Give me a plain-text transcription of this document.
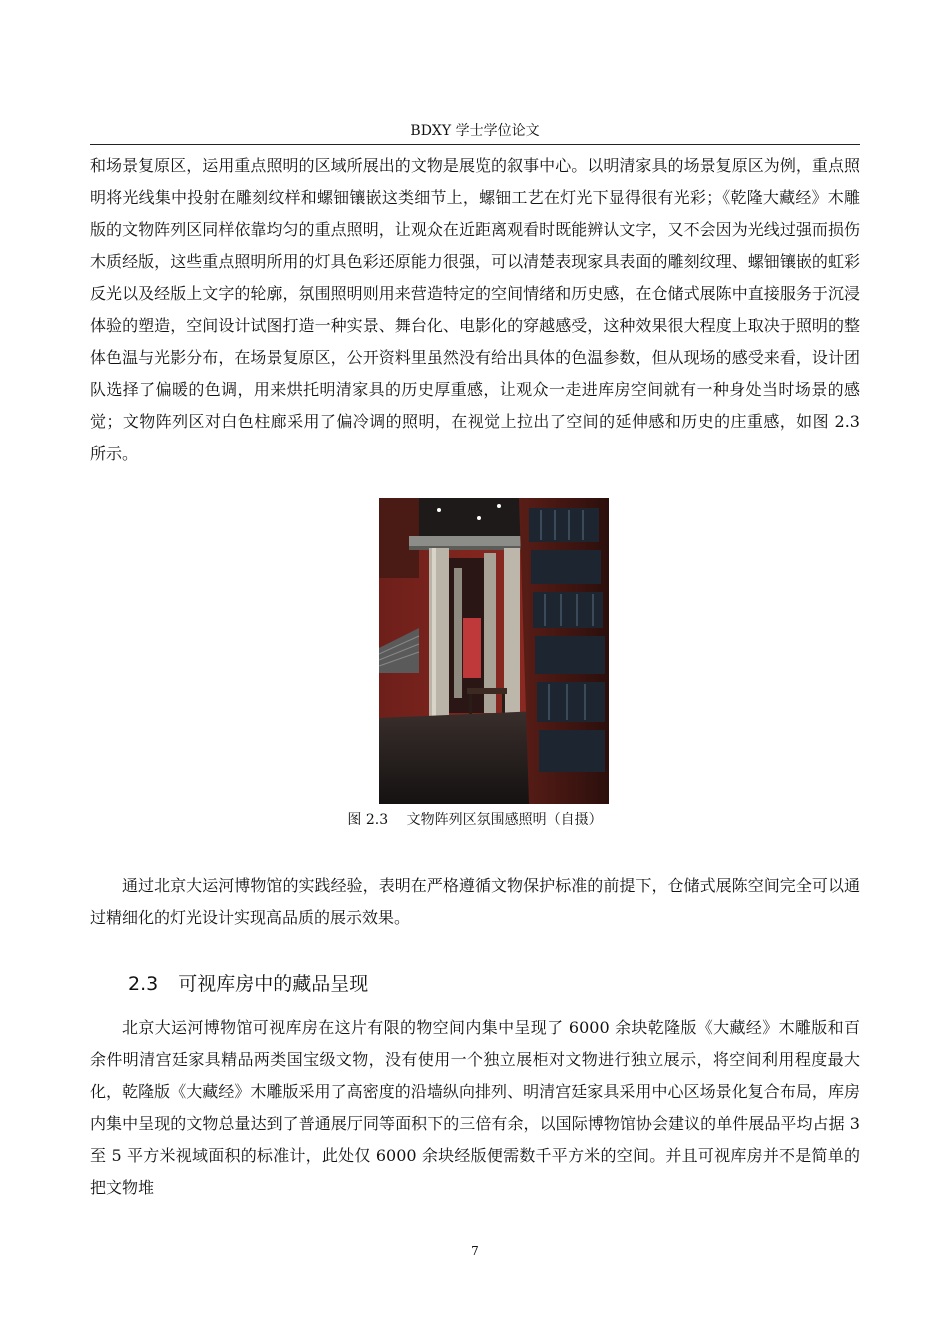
BDXY 学士学位论文

和场景复原区，运用重点照明的区域所展出的文物是展览的叙事中心。以明清家具的场景复原区为例，重点照明将光线集中投射在雕刻纹样和螺钿镶嵌这类细节上，螺钿工艺在灯光下显得很有光彩；《乾隆大藏经》木雕版的文物阵列区同样依靠均匀的重点照明，让观众在近距离观看时既能辨认文字，又不会因为光线过强而损伤木质经版，这些重点照明所用的灯具色彩还原能力很强，可以清楚表现家具表面的雕刻纹理、螺钿镶嵌的虹彩反光以及经版上文字的轮廓，氛围照明则用来营造特定的空间情绪和历史感，在仓储式展陈中直接服务于沉浸体验的塑造，空间设计试图打造一种实景、舞台化、电影化的穿越感受，这种效果很大程度上取决于照明的整体色温与光影分布，在场景复原区，公开资料里虽然没有给出具体的色温参数，但从现场的感受来看，设计团队选择了偏暖的色调，用来烘托明清家具的历史厚重感，让观众一走进库房空间就有一种身处当时场景的感觉；文物阵列区对白色柱廊采用了偏冷调的照明，在视觉上拉出了空间的延伸感和历史的庄重感，如图 2.3 所示。

图 2.3　 文物阵列区氛围感照明（自摄）

通过北京大运河博物馆的实践经验，表明在严格遵循文物保护标准的前提下，仓储式展陈空间完全可以通过精细化的灯光设计实现高品质的展示效果。

2.3 可视库房中的藏品呈现

北京大运河博物馆可视库房在这片有限的物空间内集中呈现了 6000 余块乾隆版《大藏经》木雕版和百余件明清宫廷家具精品两类国宝级文物，没有使用一个独立展柜对文物进行独立展示，将空间利用程度最大化，乾隆版《大藏经》木雕版采用了高密度的沿墙纵向排列、明清宫廷家具采用中心区场景化复合布局，库房内集中呈现的文物总量达到了普通展厅同等面积下的三倍有余，以国际博物馆协会建议的单件展品平均占据 3 至 5 平方米视域面积的标准计，此处仅 6000 余块经版便需数千平方米的空间。并且可视库房并不是简单的把文物堆

7
